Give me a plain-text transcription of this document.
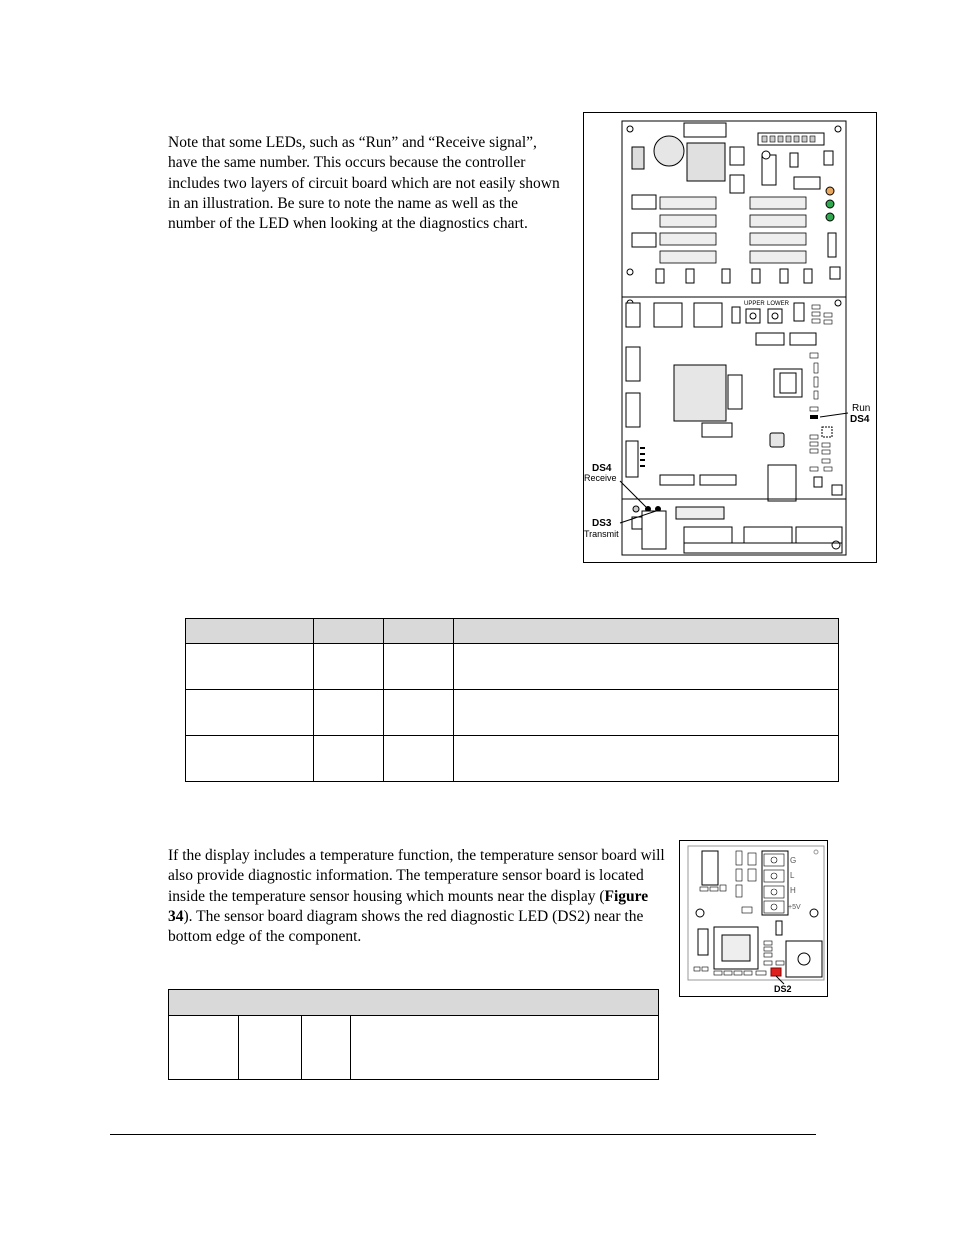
Note that some LEDs, such as “Run” and “Receive signal”, have the same number. This occurs because the controller includes two layers of circuit board which are not easily shown in an illustration. Be sure to note the name as well as the number of the LED when looking at the diagnostics chart.

UPPER LOWER
Run
DS4
DS4
Receive
DS3
Transmit

If the display includes a temperature function, the temperature sensor board will also provide diagnostic information. The temperature sensor board is located inside the temperature sensor housing which mounts near the display (Figure 34). The sensor board diagram shows the red diagnostic LED (DS2) near the bottom edge of the component.

G
L
H
+5V
DS2
